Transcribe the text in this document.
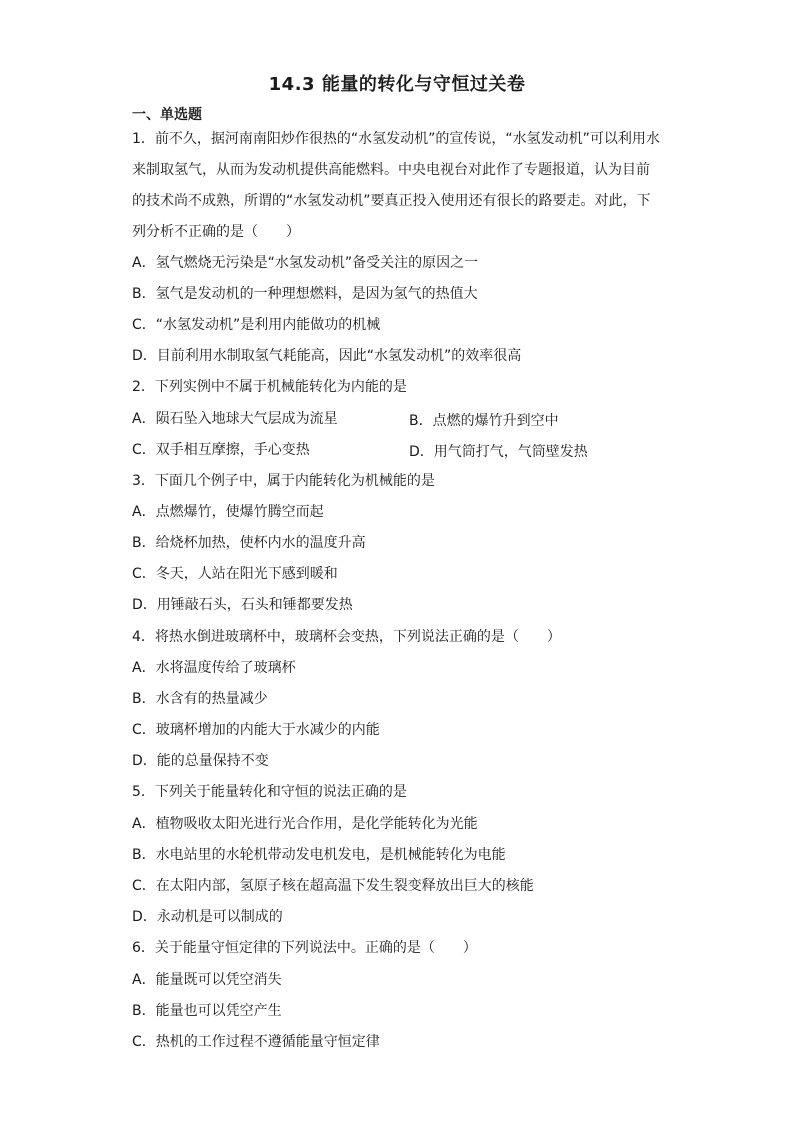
14.3 能量的转化与守恒过关卷
一、单选题
1．前不久，据河南南阳炒作很热的“水氢发动机”的宣传说，“水氢发动机”可以利用水
来制取氢气，从而为发动机提供高能燃料。中央电视台对此作了专题报道，认为目前
的技术尚不成熟，所谓的“水氢发动机”要真正投入使用还有很长的路要走。对此，下
列分析不正确的是（　　）
A．氢气燃烧无污染是“水氢发动机”备受关注的原因之一
B．氢气是发动机的一种理想燃料，是因为氢气的热值大
C．“水氢发动机”是利用内能做功的机械
D．目前利用水制取氢气耗能高，因此“水氢发动机”的效率很高
2．下列实例中不属于机械能转化为内能的是
A．陨石坠入地球大气层成为流星	B．点燃的爆竹升到空中
C．双手相互摩擦，手心变热	D．用气筒打气，气筒壁发热
3．下面几个例子中，属于内能转化为机械能的是
A．点燃爆竹，使爆竹腾空而起
B．给烧杯加热，使杯内水的温度升高
C．冬天，人站在阳光下感到暖和
D．用锤敲石头，石头和锤都要发热
4．将热水倒进玻璃杯中，玻璃杯会变热，下列说法正确的是（　　）
A．水将温度传给了玻璃杯
B．水含有的热量减少
C．玻璃杯增加的内能大于水减少的内能
D．能的总量保持不变
5．下列关于能量转化和守恒的说法正确的是
A．植物吸收太阳光进行光合作用，是化学能转化为光能
B．水电站里的水轮机带动发电机发电，是机械能转化为电能
C．在太阳内部，氢原子核在超高温下发生裂变释放出巨大的核能
D．永动机是可以制成的
6．关于能量守恒定律的下列说法中。正确的是（　　）
A．能量既可以凭空消失
B．能量也可以凭空产生
C．热机的工作过程不遵循能量守恒定律
